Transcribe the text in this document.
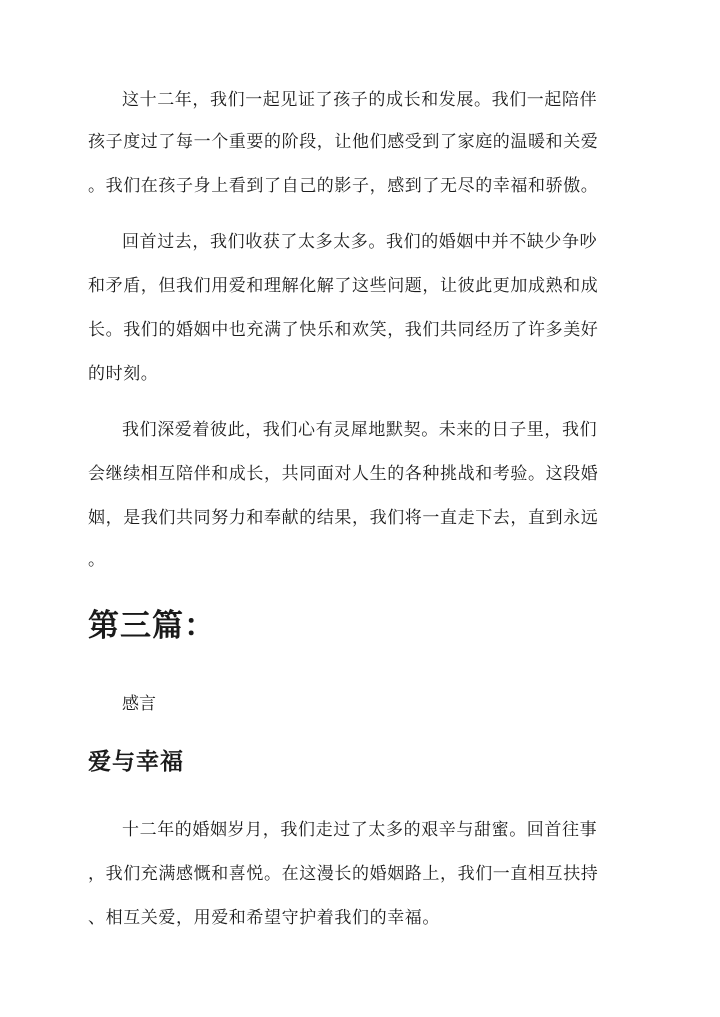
这十二年，我们一起见证了孩子的成长和发展。我们一起陪伴
孩子度过了每一个重要的阶段，让他们感受到了家庭的温暖和关爱
。我们在孩子身上看到了自己的影子，感到了无尽的幸福和骄傲。
回首过去，我们收获了太多太多。我们的婚姻中并不缺少争吵
和矛盾，但我们用爱和理解化解了这些问题，让彼此更加成熟和成
长。我们的婚姻中也充满了快乐和欢笑，我们共同经历了许多美好
的时刻。
我们深爱着彼此，我们心有灵犀地默契。未来的日子里，我们
会继续相互陪伴和成长，共同面对人生的各种挑战和考验。这段婚
姻，是我们共同努力和奉献的结果，我们将一直走下去，直到永远
。
第三篇：
感言
爱与幸福
十二年的婚姻岁月，我们走过了太多的艰辛与甜蜜。回首往事
，我们充满感慨和喜悦。在这漫长的婚姻路上，我们一直相互扶持
、相互关爱，用爱和希望守护着我们的幸福。
